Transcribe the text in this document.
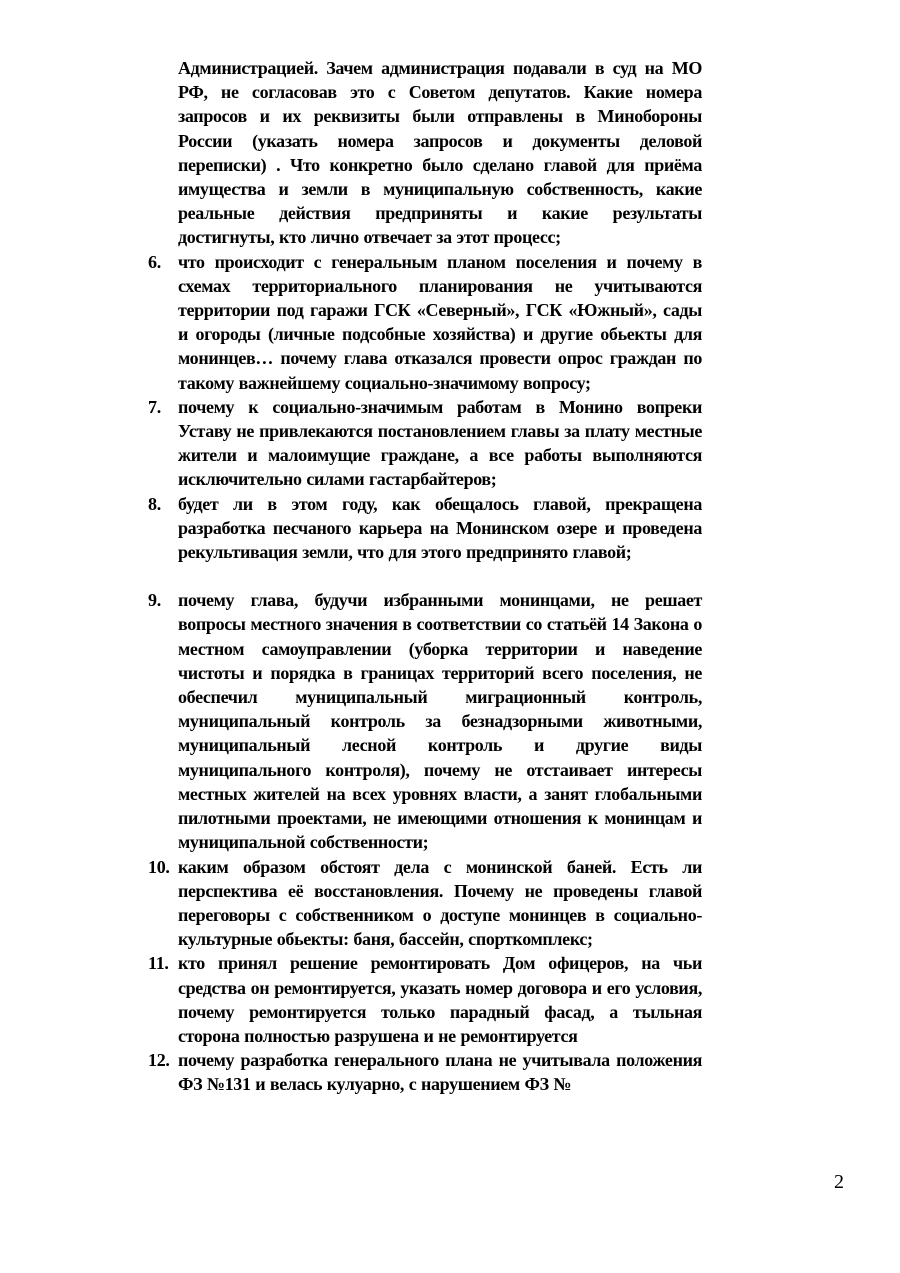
Администрацией. Зачем администрация подавали в суд на МО РФ, не согласовав это с Советом депутатов. Какие номера запросов и их реквизиты были отправлены в Минобороны России (указать номера запросов и документы деловой переписки) . Что конкретно было сделано главой для приёма имущества и земли в муниципальную собственность, какие реальные действия предприняты и какие результаты достигнуты, кто лично отвечает за этот процесс;
6. что происходит с генеральным планом поселения и почему в схемах территориального планирования не учитываются территории под гаражи ГСК «Северный», ГСК «Южный», сады и огороды (личные подсобные хозяйства) и другие обьекты для монинцев… почему глава отказался провести опрос граждан по такому важнейшему социально-значимому вопросу;
7. почему к социально-значимым работам в Монино вопреки Уставу не привлекаются постановлением главы за плату местные жители и малоимущие граждане, а все работы выполняются исключительно силами гастарбайтеров;
8. будет ли в этом году, как обещалось главой, прекращена разработка песчаного карьера на Монинском озере и проведена рекультивация земли, что для этого предпринято главой;
9. почему глава, будучи избранными монинцами, не решает вопросы местного значения в соответствии со статьёй 14 Закона о местном самоуправлении (уборка территории и наведение чистоты и порядка в границах территорий всего поселения, не обеспечил муниципальный миграционный контроль, муниципальный контроль за безнадзорными животными, муниципальный лесной контроль и другие виды муниципального контроля), почему не отстаивает интересы местных жителей на всех уровнях власти, а занят глобальными пилотными проектами, не имеющими отношения к монинцам и муниципальной собственности;
10. каким образом обстоят дела с монинской баней. Есть ли перспектива её восстановления. Почему не проведены главой переговоры с собственником о доступе монинцев в социально-культурные обьекты: баня, бассейн, спорткомплекс;
11. кто принял решение ремонтировать Дом офицеров, на чьи средства он ремонтируется, указать номер договора и его условия, почему ремонтируется только парадный фасад, а тыльная сторона полностью разрушена и не ремонтируется
12. почему разработка генерального плана не учитывала положения ФЗ №131 и велась кулуарно, с нарушением ФЗ №
2
